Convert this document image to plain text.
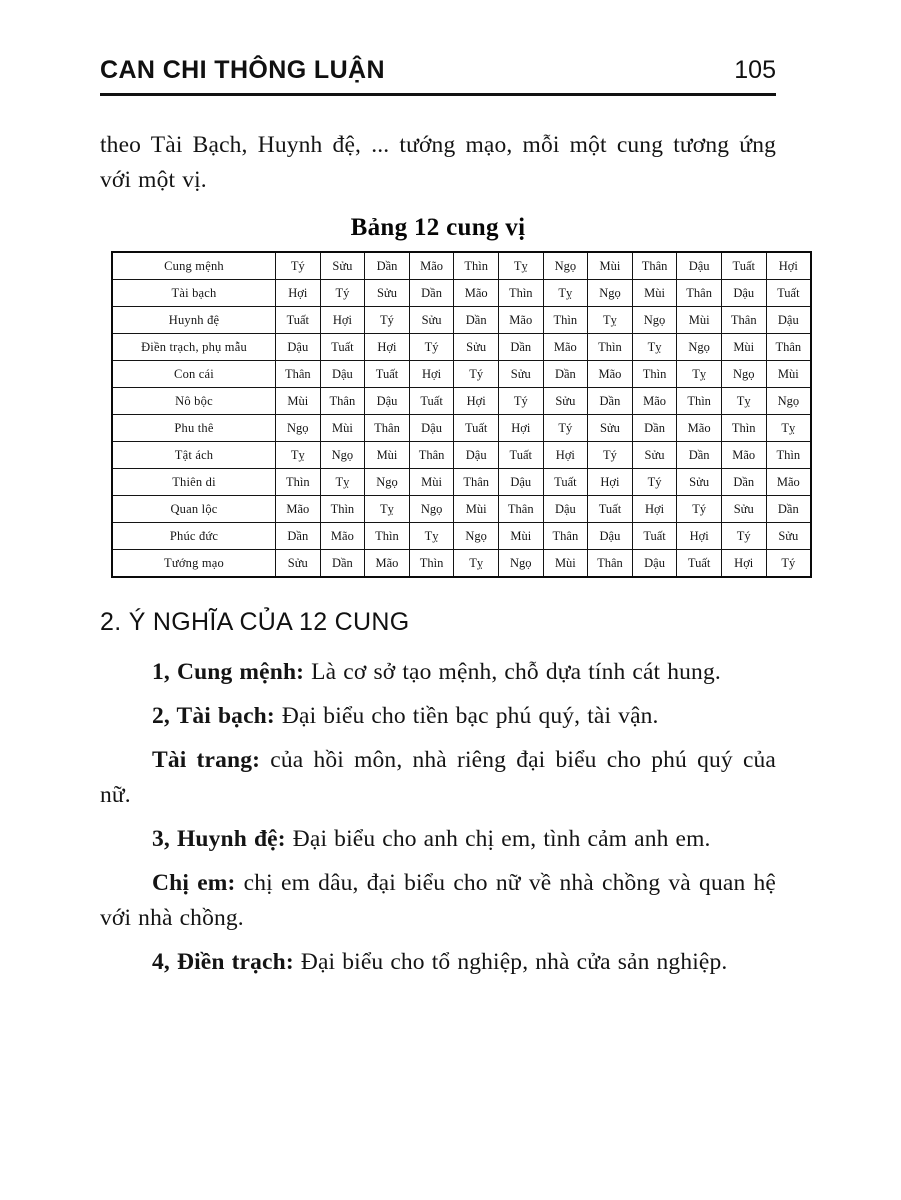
CAN CHI THÔNG LUẬN	105

theo Tài Bạch, Huynh đệ, ... tướng mạo, mỗi một cung tương ứng với một vị.

Bảng 12 cung vị
Cung mệnh	Tý	Sửu	Dần	Mão	Thìn	Tỵ	Ngọ	Mùi	Thân	Dậu	Tuất	Hợi
Tài bạch	Hợi	Tý	Sửu	Dần	Mão	Thìn	Tỵ	Ngọ	Mùi	Thân	Dậu	Tuất
Huynh đệ	Tuất	Hợi	Tý	Sửu	Dần	Mão	Thìn	Tỵ	Ngọ	Mùi	Thân	Dậu
Điền trạch, phụ mẫu	Dậu	Tuất	Hợi	Tý	Sửu	Dần	Mão	Thìn	Tỵ	Ngọ	Mùi	Thân
Con cái	Thân	Dậu	Tuất	Hợi	Tý	Sửu	Dần	Mão	Thìn	Tỵ	Ngọ	Mùi
Nô bộc	Mùi	Thân	Dậu	Tuất	Hợi	Tý	Sửu	Dần	Mão	Thìn	Tỵ	Ngọ
Phu thê	Ngọ	Mùi	Thân	Dậu	Tuất	Hợi	Tý	Sửu	Dần	Mão	Thìn	Tỵ
Tật ách	Tỵ	Ngọ	Mùi	Thân	Dậu	Tuất	Hợi	Tý	Sửu	Dần	Mão	Thìn
Thiên di	Thìn	Tỵ	Ngọ	Mùi	Thân	Dậu	Tuất	Hợi	Tý	Sửu	Dần	Mão
Quan lộc	Mão	Thìn	Tỵ	Ngọ	Mùi	Thân	Dậu	Tuất	Hợi	Tý	Sửu	Dần
Phúc đức	Dần	Mão	Thìn	Tỵ	Ngọ	Mùi	Thân	Dậu	Tuất	Hợi	Tý	Sửu
Tướng mạo	Sửu	Dần	Mão	Thìn	Tỵ	Ngọ	Mùi	Thân	Dậu	Tuất	Hợi	Tý
2. Ý NGHĨA CỦA 12 CUNG

1, Cung mệnh: Là cơ sở tạo mệnh, chỗ dựa tính cát hung.

2, Tài bạch: Đại biểu cho tiền bạc phú quý, tài vận.

Tài trang: của hồi môn, nhà riêng đại biểu cho phú quý của nữ.

3, Huynh đệ: Đại biểu cho anh chị em, tình cảm anh em.

Chị em: chị em dâu, đại biểu cho nữ về nhà chồng và quan hệ với nhà chồng.

4, Điền trạch: Đại biểu cho tổ nghiệp, nhà cửa sản nghiệp.
